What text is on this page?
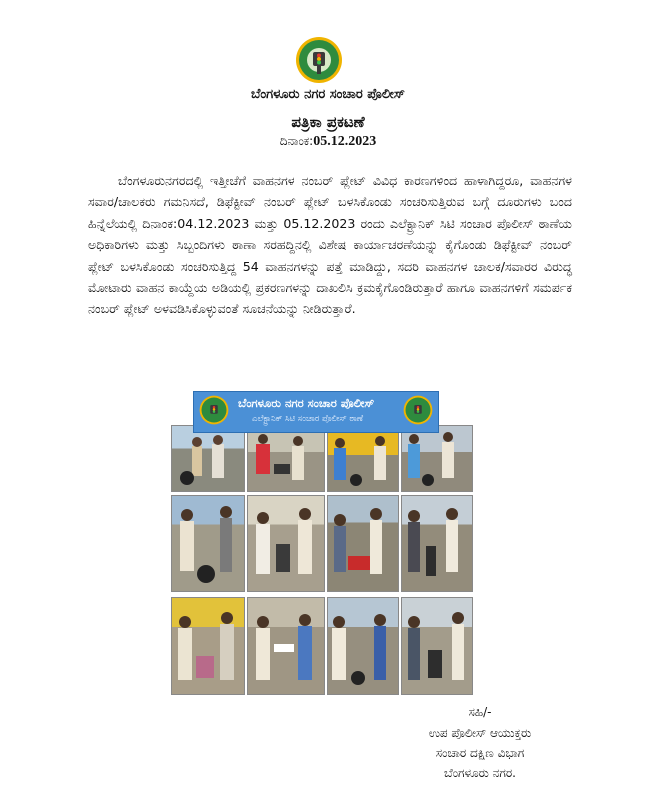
ಬೆಂಗಳೂರು ನಗರ ಸಂಚಾರ ಪೊಲೀಸ್
ಪತ್ರಿಕಾ ಪ್ರಕಟಣೆ
ದಿನಾಂಕ:05.12.2023
ಬೆಂಗಳೂರುನಗರದಲ್ಲಿ ಇತ್ತೀಚೆಗೆ ವಾಹನಗಳ ನಂಬರ್ ಪ್ಲೇಟ್ ವಿವಿಧ ಕಾರಣಗಳಿಂದ ಹಾಳಾಗಿದ್ದರೂ, ವಾಹನಗಳ ಸವಾರ/ಚಾಲಕರು ಗಮನಿಸದೆ, ಡಿಫೆಕ್ಟೀವ್ ನಂಬರ್ ಪ್ಲೇಟ್ ಬಳಸಿಕೊಂಡು ಸಂಚರಿಸುತ್ತಿರುವ ಬಗ್ಗೆ ದೂರುಗಳು ಬಂದ ಹಿನ್ನೆಲೆಯಲ್ಲಿ ದಿನಾಂಕ:04.12.2023 ಮತ್ತು 05.12.2023 ರಂದು ಎಲೆಕ್ಟ್ರಾನಿಕ್ ಸಿಟಿ ಸಂಚಾರ ಪೊಲೀಸ್ ಠಾಣೆಯ ಅಧಿಕಾರಿಗಳು ಮತ್ತು ಸಿಬ್ಬಂದಿಗಳು ಠಾಣಾ ಸರಹದ್ದಿನಲ್ಲಿ ವಿಶೇಷ ಕಾರ್ಯಾಚರಣೆಯನ್ನು ಕೈಗೊಂಡು ಡಿಫೆಕ್ಟೀವ್ ನಂಬರ್ ಪ್ಲೇಟ್ ಬಳಸಿಕೊಂಡು ಸಂಚರಿಸುತ್ತಿದ್ದ 54 ವಾಹನಗಳನ್ನು ಪತ್ತೆ ಮಾಡಿದ್ದು, ಸದರಿ ವಾಹನಗಳ ಚಾಲಕ/ಸವಾರರ ವಿರುದ್ಧ ಮೋಟಾರು ವಾಹನ ಕಾಯ್ದೆಯ ಅಡಿಯಲ್ಲಿ ಪ್ರಕರಣಗಳನ್ನು ದಾಖಲಿಸಿ ಕ್ರಮಕೈಗೊಂಡಿರುತ್ತಾರೆ ಹಾಗೂ ವಾಹನಗಳಿಗೆ ಸಮರ್ಪಕ ನಂಬರ್ ಪ್ಲೇಟ್ ಅಳವಡಿಸಿಕೊಳ್ಳುವಂತೆ ಸೂಚನೆಯನ್ನು ನೀಡಿರುತ್ತಾರೆ.
ಬೆಂಗಳೂರು ನಗರ ಸಂಚಾರ ಪೊಲೀಸ್
ಎಲೆಕ್ಟ್ರಾನಿಕ್ ಸಿಟಿ ಸಂಚಾರ ಪೊಲೀಸ್ ಠಾಣೆ
ಸಹಿ/-
ಉಪ ಪೊಲೀಸ್ ಆಯುಕ್ತರು
ಸಂಚಾರ ದಕ್ಷಿಣ ವಿಭಾಗ
ಬೆಂಗಳೂರು ನಗರ.
